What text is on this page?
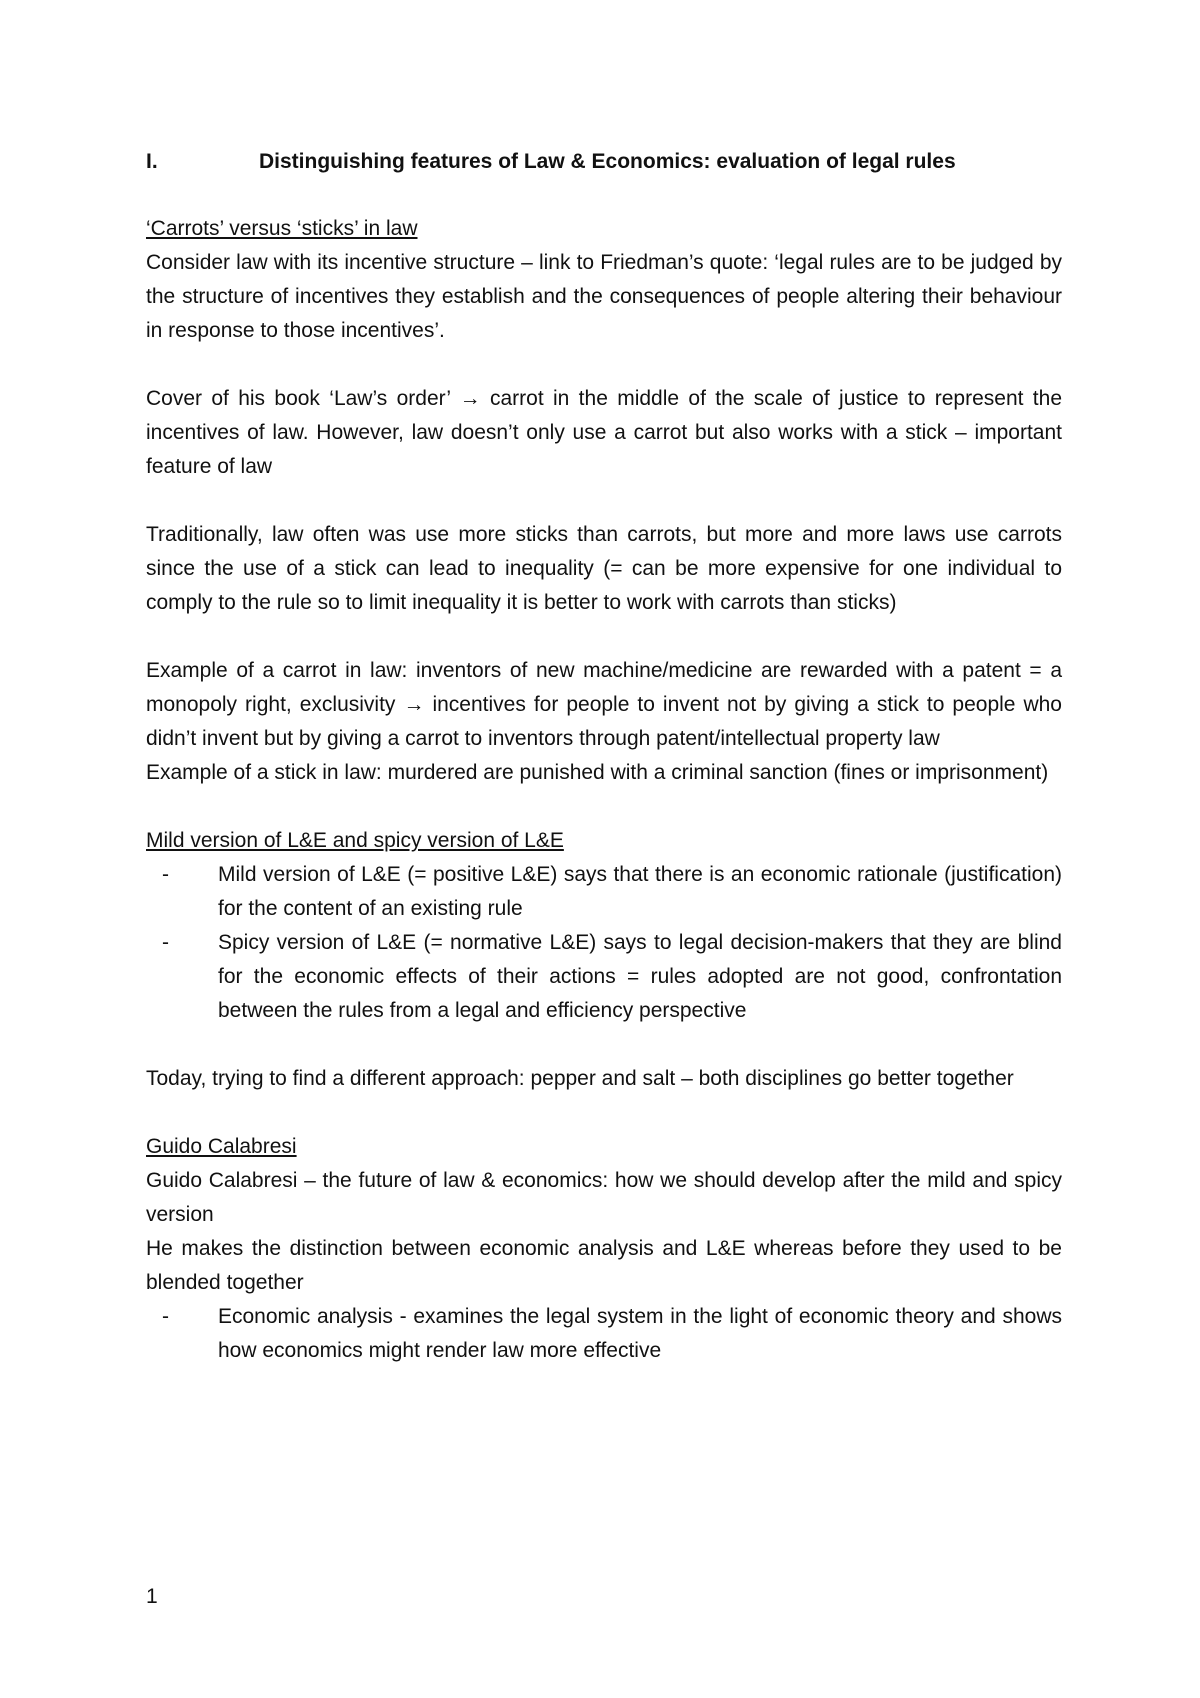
I.	Distinguishing features of Law & Economics: evaluation of legal rules
‘Carrots’ versus ‘sticks’ in law

Consider law with its incentive structure – link to Friedman’s quote: ‘legal rules are to be judged by the structure of incentives they establish and the consequences of people altering their behaviour in response to those incentives’.

Cover of his book ‘Law’s order’ → carrot in the middle of the scale of justice to represent the incentives of law. However, law doesn’t only use a carrot but also works with a stick – important feature of law

Traditionally, law often was use more sticks than carrots, but more and more laws use carrots since the use of a stick can lead to inequality (= can be more expensive for one individual to comply to the rule so to limit inequality it is better to work with carrots than sticks)

Example of a carrot in law: inventors of new machine/medicine are rewarded with a patent = a monopoly right, exclusivity → incentives for people to invent not by giving a stick to people who didn’t invent but by giving a carrot to inventors through patent/intellectual property law

Example of a stick in law: murdered are punished with a criminal sanction (fines or imprisonment)

Mild version of L&E and spicy version of L&E
-	Mild version of L&E (= positive L&E) says that there is an economic rationale (justification) for the content of an existing rule
-	Spicy version of L&E (= normative L&E) says to legal decision-makers that they are blind for the economic effects of their actions = rules adopted are not good, confrontation between the rules from a legal and efficiency perspective

Today, trying to find a different approach: pepper and salt – both disciplines go better together

Guido Calabresi

Guido Calabresi – the future of law & economics: how we should develop after the mild and spicy version

He makes the distinction between economic analysis and L&E whereas before they used to be blended together

-	Economic analysis - examines the legal system in the light of economic theory and shows how economics might render law more effective
1
